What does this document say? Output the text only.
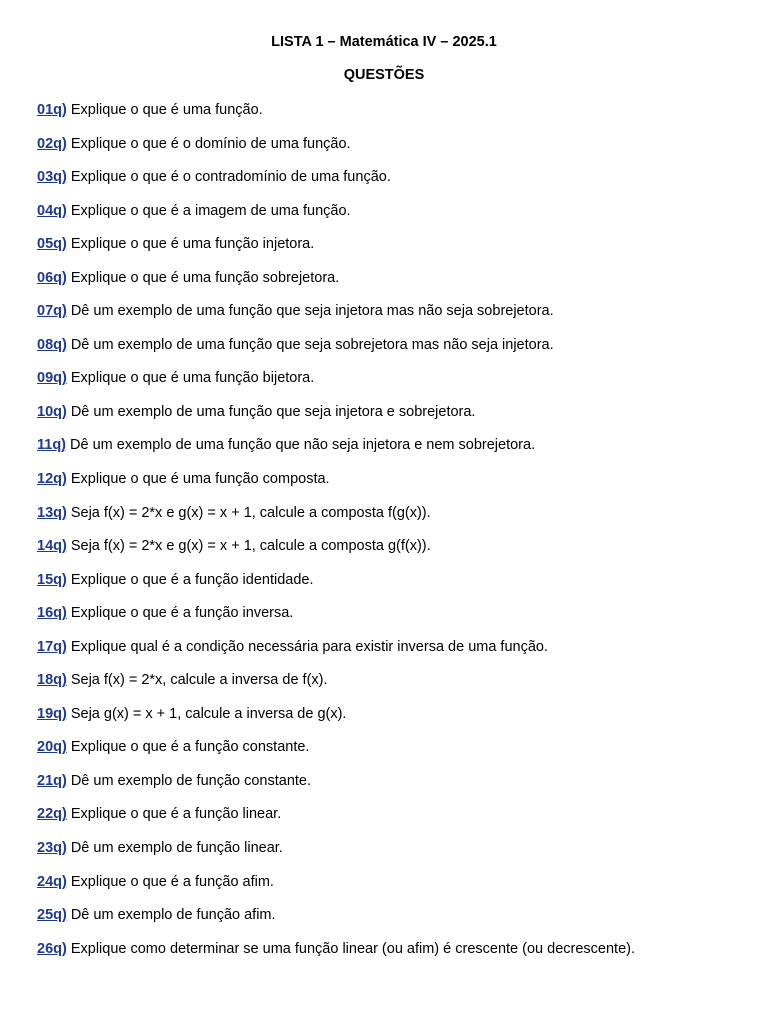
LISTA 1 – Matemática IV – 2025.1
QUESTÕES
01q) Explique o que é uma função.
02q) Explique o que é o domínio de uma função.
03q) Explique o que é o contradomínio de uma função.
04q) Explique o que é a imagem de uma função.
05q) Explique o que é uma função injetora.
06q) Explique o que é uma função sobrejetora.
07q) Dê um exemplo de uma função que seja injetora mas não seja sobrejetora.
08q) Dê um exemplo de uma função que seja sobrejetora mas não seja injetora.
09q) Explique o que é uma função bijetora.
10q) Dê um exemplo de uma função que seja injetora e sobrejetora.
11q) Dê um exemplo de uma função que não seja injetora e nem sobrejetora.
12q) Explique o que é uma função composta.
13q) Seja f(x) = 2*x e g(x) = x + 1, calcule a composta f(g(x)).
14q) Seja f(x) = 2*x e g(x) = x + 1, calcule a composta g(f(x)).
15q) Explique o que é a função identidade.
16q) Explique o que é a função inversa.
17q) Explique qual é a condição necessária para existir inversa de uma função.
18q) Seja f(x) = 2*x, calcule a inversa de f(x).
19q) Seja g(x) = x + 1, calcule a inversa de g(x).
20q) Explique o que é a função constante.
21q) Dê um exemplo de função constante.
22q) Explique o que é a função linear.
23q) Dê um exemplo de função linear.
24q) Explique o que é a função afim.
25q) Dê um exemplo de função afim.
26q) Explique como determinar se uma função linear (ou afim) é crescente (ou decrescente).
